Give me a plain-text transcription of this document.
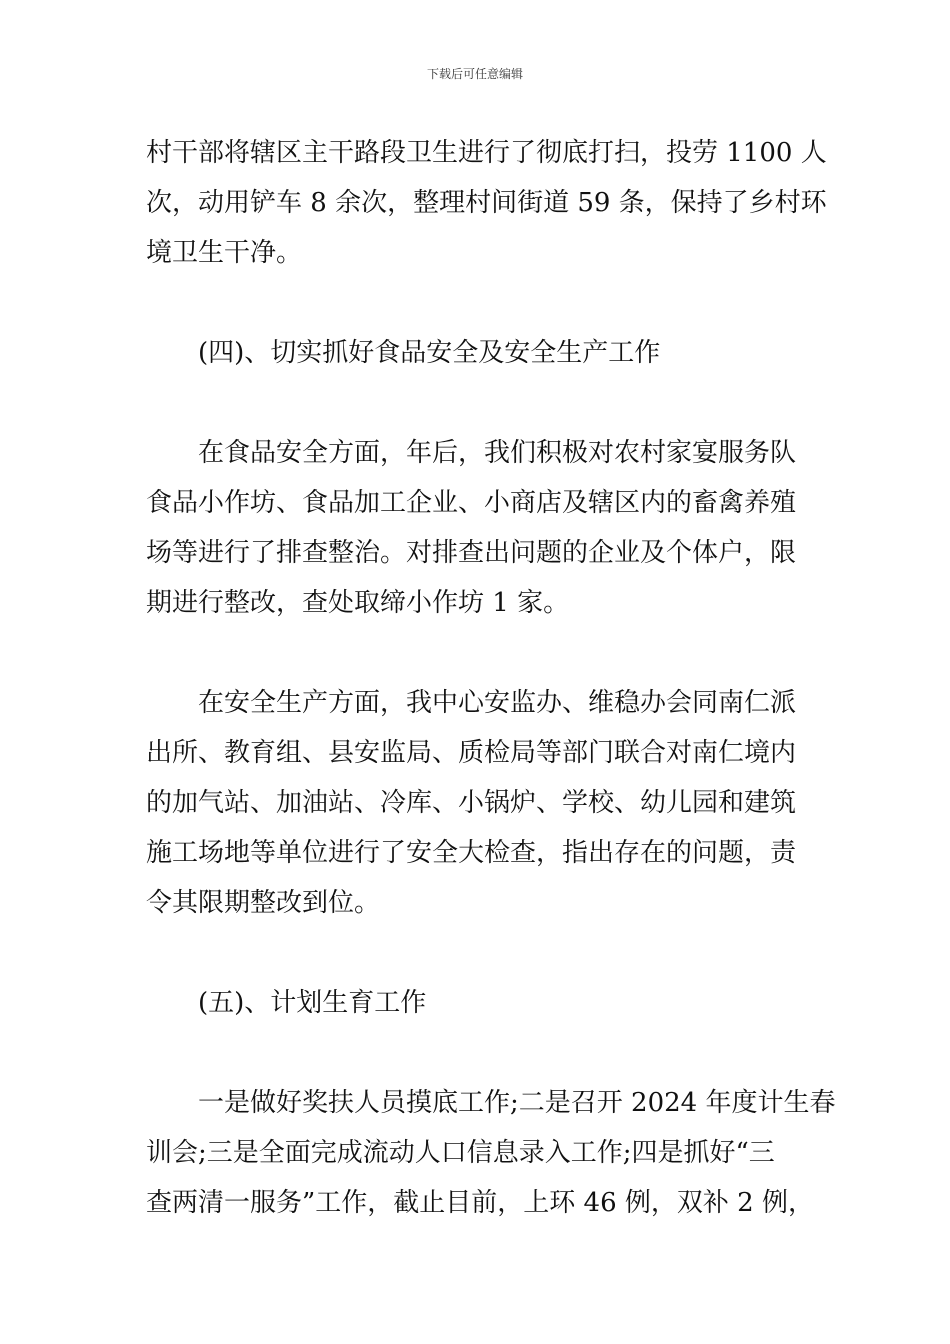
下载后可任意编辑

村干部将辖区主干路段卫生进行了彻底打扫，投劳 1100 人

次，动用铲车 8 余次，整理村间街道 59 条，保持了乡村环

境卫生干净。

(四)、切实抓好食品安全及安全生产工作

在食品安全方面，年后，我们积极对农村家宴服务队

食品小作坊、食品加工企业、小商店及辖区内的畜禽养殖

场等进行了排查整治。对排查出问题的企业及个体户，限

期进行整改，查处取缔小作坊 1 家。

在安全生产方面，我中心安监办、维稳办会同南仁派

出所、教育组、县安监局、质检局等部门联合对南仁境内

的加气站、加油站、冷库、小锅炉、学校、幼儿园和建筑

施工场地等单位进行了安全大检查，指出存在的问题，责

令其限期整改到位。

(五)、计划生育工作

一是做好奖扶人员摸底工作;二是召开 2024 年度计生春

训会;三是全面完成流动人口信息录入工作;四是抓好“三

查两清一服务”工作，截止目前，上环 46 例，双补 2 例，
